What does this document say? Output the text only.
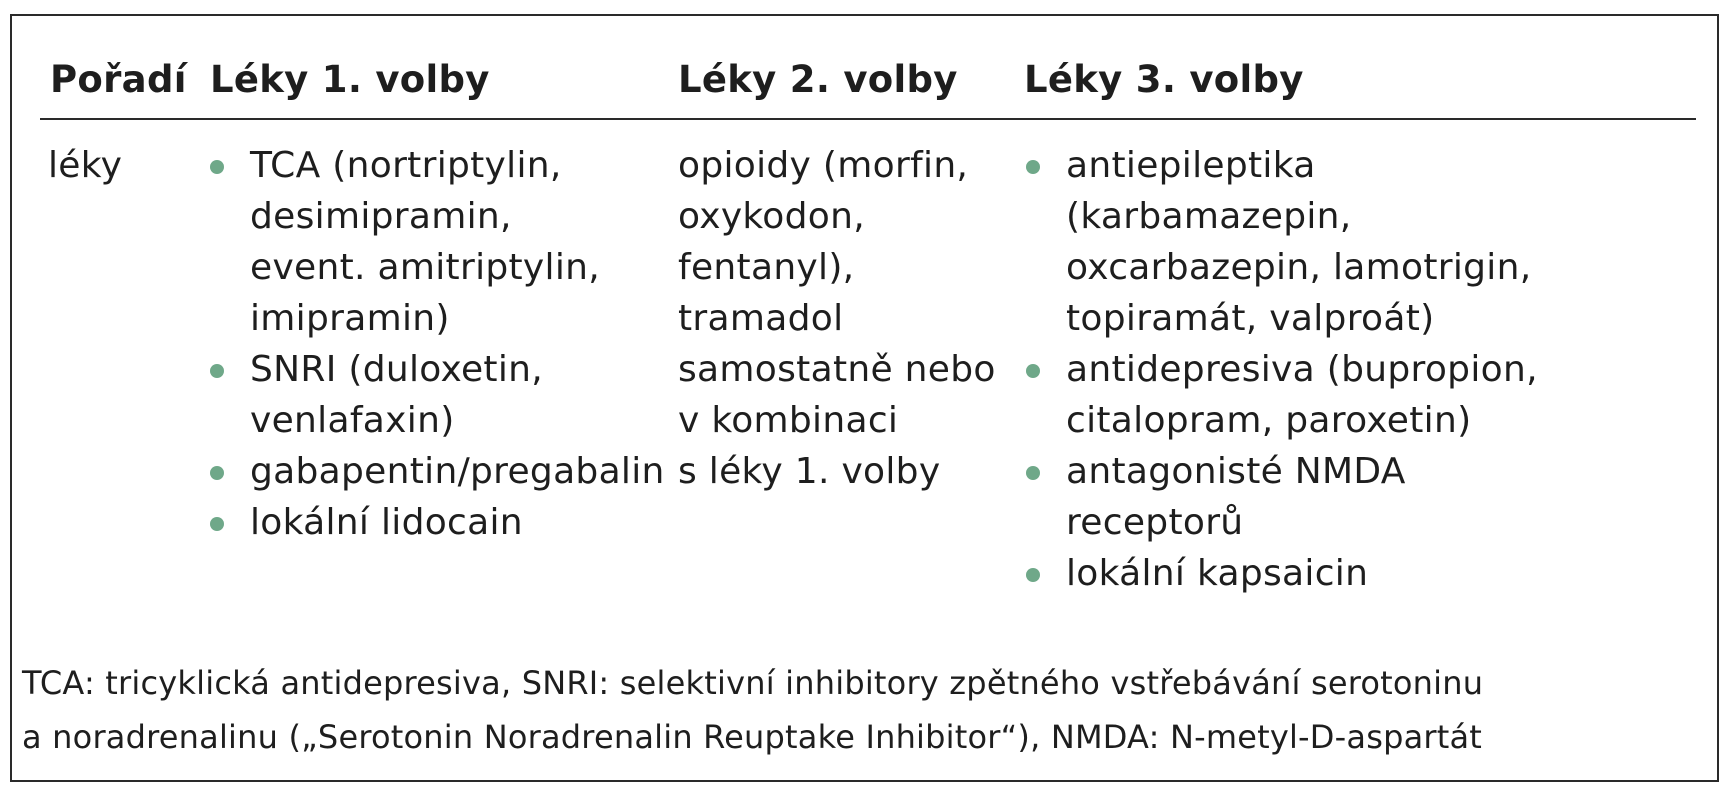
Pořadí Léky 1. volby	Léky 2. volby Léky 3. volby
léky	TCA (nortriptylin,
desimipramin,
event. amitriptylin,
imipramin)
SNRI (duloxetin,
venlafaxin)
gabapentin/pregabalin
lokální lidocain
opioidy (morfin,
oxykodon,
fentanyl),
tramadol
samostatně nebo
v kombinaci
s léky 1. volby
antiepileptika
(karbamazepin,
oxcarbazepin, lamotrigin,
topiramát, valproát)
antidepresiva (bupropion,
citalopram, paroxetin)
antagonisté NMDA
receptorů
lokální kapsaicin
TCA: tricyklická antidepresiva, SNRI: selektivní inhibitory zpětného vstřebávání serotoninu
a noradrenalinu („Serotonin Noradrenalin Reuptake Inhibitor“), NMDA: N-metyl-D-aspartát
